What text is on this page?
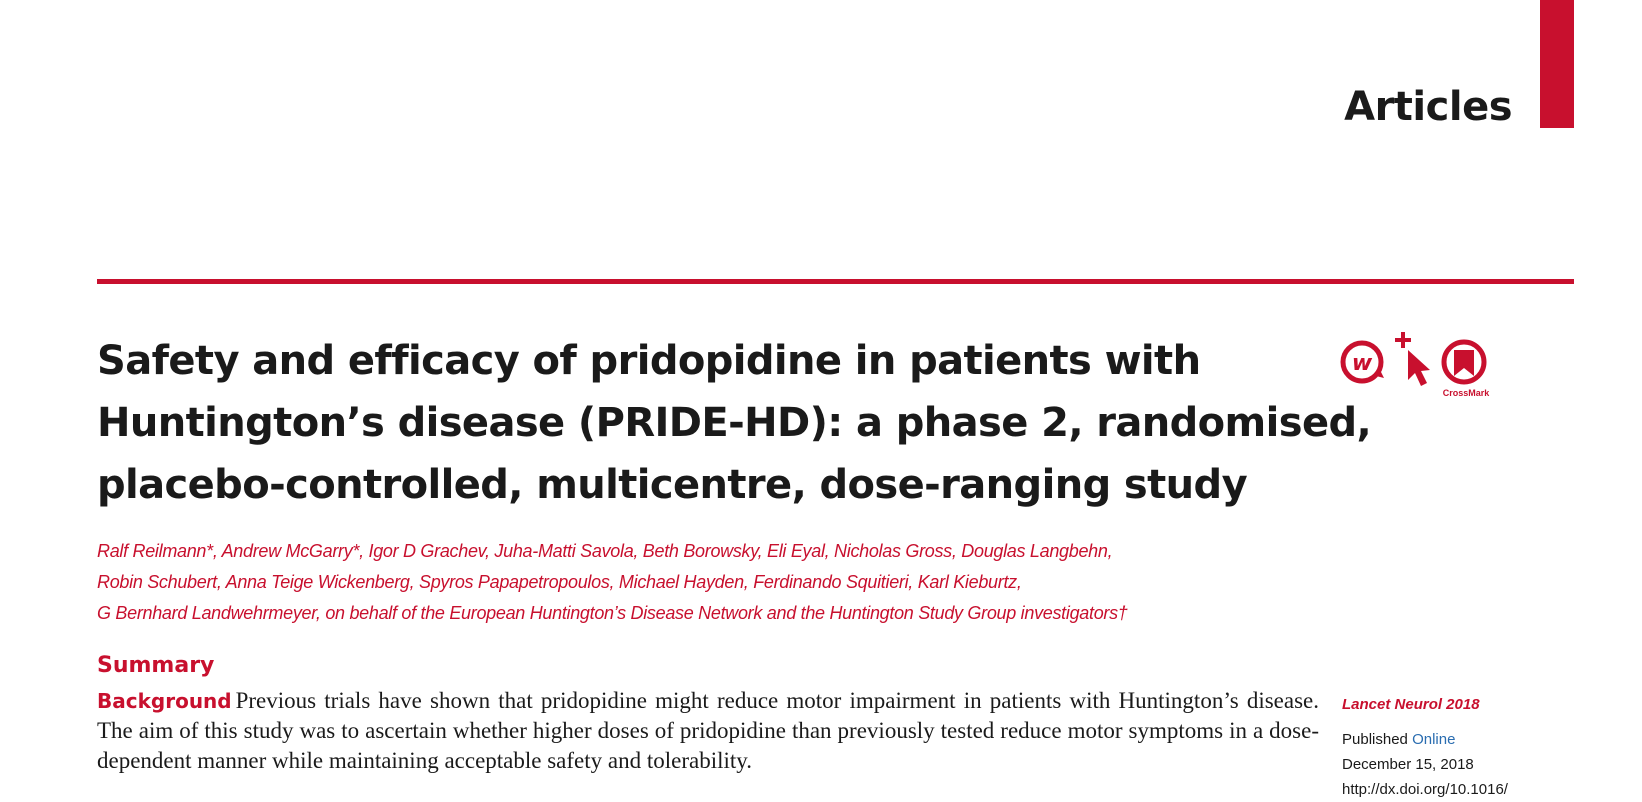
Articles
Safety and efficacy of pridopidine in patients with
Huntington’s disease (PRIDE-HD): a phase 2, randomised,
placebo-controlled, multicentre, dose-ranging study
w
CrossMark
Ralf Reilmann*, Andrew McGarry*, Igor D Grachev, Juha-Matti Savola, Beth Borowsky, Eli Eyal, Nicholas Gross, Douglas Langbehn,
Robin Schubert, Anna Teige Wickenberg, Spyros Papapetropoulos, Michael Hayden, Ferdinando Squitieri, Karl Kieburtz,
G Bernhard Landwehrmeyer, on behalf of the European Huntington’s Disease Network and the Huntington Study Group investigators†
Summary

Background Previous trials have shown that pridopidine might reduce motor impairment in patients with Huntington’s disease. The aim of this study was to ascertain whether higher doses of pridopidine than previously tested reduce motor symptoms in a dose-dependent manner while maintaining acceptable safety and tolerability.

Lancet Neurol 2018
Published Online
December 15, 2018
http://dx.doi.org/10.1016/
